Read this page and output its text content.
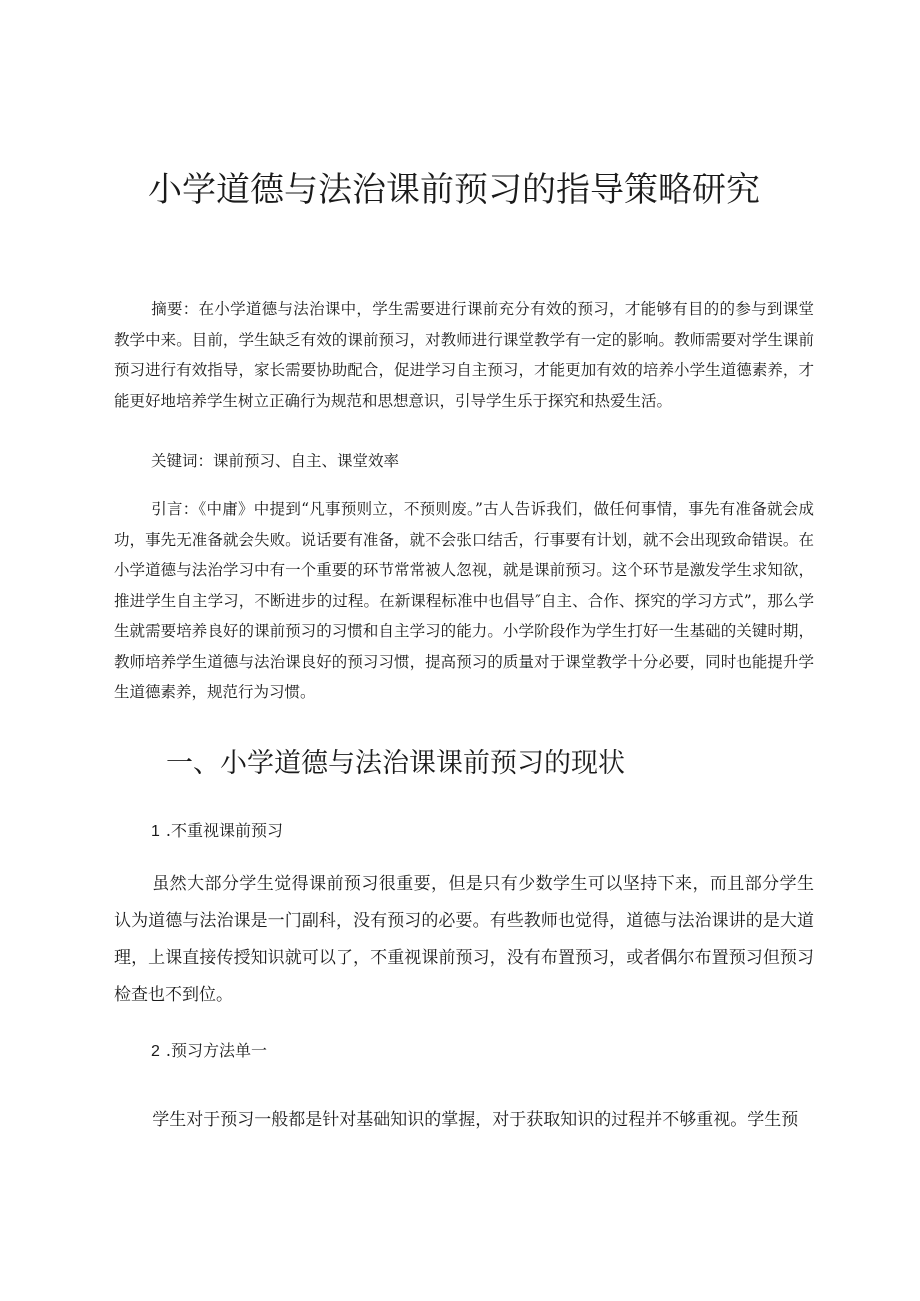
小学道德与法治课前预习的指导策略研究

摘要：在小学道德与法治课中，学生需要进行课前充分有效的预习，才能够有目的的参与到课堂教学中来。目前，学生缺乏有效的课前预习，对教师进行课堂教学有一定的影响。教师需要对学生课前预习进行有效指导，家长需要协助配合，促进学习自主预习，才能更加有效的培养小学生道德素养，才能更好地培养学生树立正确行为规范和思想意识，引导学生乐于探究和热爱生活。

关键词：课前预习、自主、课堂效率

引言：《中庸》中提到“凡事预则立，不预则废。”古人告诉我们，做任何事情，事先有准备就会成功，事先无准备就会失败。说话要有准备，就不会张口结舌，行事要有计划，就不会出现致命错误。在小学道德与法治学习中有一个重要的环节常常被人忽视，就是课前预习。这个环节是激发学生求知欲，推进学生自主学习，不断进步的过程。在新课程标准中也倡导″自主、合作、探究的学习方式”，那么学生就需要培养良好的课前预习的习惯和自主学习的能力。小学阶段作为学生打好一生基础的关键时期，教师培养学生道德与法治课良好的预习习惯，提高预习的质量对于课堂教学十分必要，同时也能提升学生道德素养，规范行为习惯。

一、小学道德与法治课课前预习的现状

1 .不重视课前预习

虽然大部分学生觉得课前预习很重要，但是只有少数学生可以坚持下来，而且部分学生认为道德与法治课是一门副科，没有预习的必要。有些教师也觉得，道德与法治课讲的是大道理，上课直接传授知识就可以了，不重视课前预习，没有布置预习，或者偶尔布置预习但预习检查也不到位。

2 .预习方法单一

学生对于预习一般都是针对基础知识的掌握，对于获取知识的过程并不够重视。学生预
